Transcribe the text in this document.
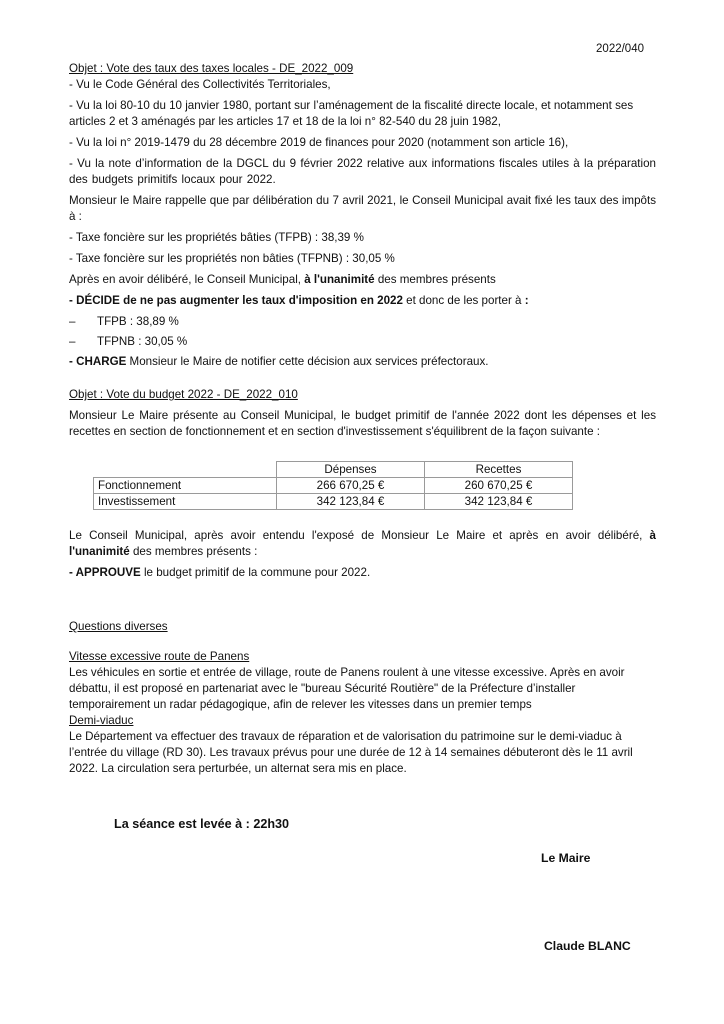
2022/040

Objet : Vote des taux des taxes locales - DE_2022_009

- Vu le Code Général des Collectivités Territoriales,

- Vu la loi 80-10 du 10 janvier 1980, portant sur l’aménagement de la fiscalité directe locale, et notamment ses articles 2 et 3 aménagés par les articles 17 et 18 de la loi n° 82-540 du 28 juin 1982,

- Vu la loi n° 2019-1479 du 28 décembre 2019 de finances pour 2020 (notamment son article 16),

- Vu la note d’information de la DGCL du 9 février 2022 relative aux informations fiscales utiles à la préparation des budgets primitifs locaux pour 2022.

Monsieur le Maire rappelle que par délibération du 7 avril 2021, le Conseil Municipal avait fixé les taux des impôts à :

- Taxe foncière sur les propriétés bâties (TFPB) : 38,39 %

- Taxe foncière sur les propriétés non bâties (TFPNB) : 30,05 %

Après en avoir délibéré, le Conseil Municipal, à l'unanimité des membres présents

- DÉCIDE de ne pas augmenter les taux d'imposition en 2022 et donc de les porter à :

–	TFPB : 38,89 %
–	TFPNB : 30,05 %

- CHARGE Monsieur le Maire de notifier cette décision aux services préfectoraux.

Objet : Vote du budget 2022 - DE_2022_010

Monsieur Le Maire présente au Conseil Municipal, le budget primitif de l'année 2022 dont les dépenses et les recettes en section de fonctionnement et en section d'investissement s'équilibrent de la façon suivante :

	Dépenses	Recettes
Fonctionnement	266 670,25 €	260 670,25 €
Investissement	342 123,84 €	342 123,84 €

Le Conseil Municipal, après avoir entendu l'exposé de Monsieur Le Maire et après en avoir délibéré, à l'unanimité des membres présents :

- APPROUVE le budget primitif de la commune pour 2022.

Questions diverses

Vitesse excessive route de Panens

Les véhicules en sortie et entrée de village, route de Panens roulent à une vitesse excessive. Après en avoir débattu, il est proposé en partenariat avec le "bureau Sécurité Routière" de la Préfecture d’installer temporairement un radar pédagogique, afin de relever les vitesses dans un premier temps

Demi-viaduc

Le Département va effectuer des travaux de réparation et de valorisation du patrimoine sur le demi-viaduc à l’entrée du village (RD 30). Les travaux prévus pour une durée de 12 à 14 semaines débuteront dès le 11 avril 2022. La circulation sera perturbée, un alternat sera mis en place.

La séance est levée à : 22h30
Le Maire
Claude BLANC
